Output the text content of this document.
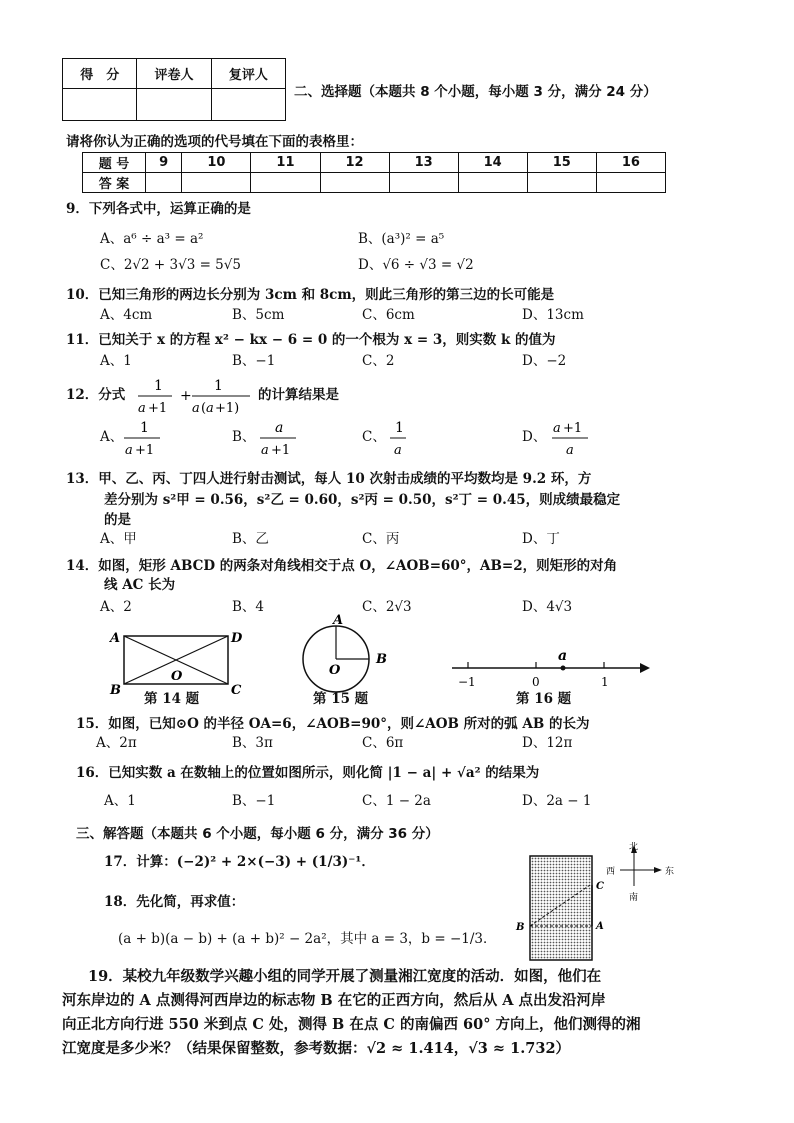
得　分	评卷人	复评人

二、选择题（本题共 8 个小题，每小题 3 分，满分 24 分）
请将你认为正确的选项的代号填在下面的表格里：
题 号	9	10	11	12	13	14	15	16
答 案								
9．下列各式中，运算正确的是
A、a⁶ ÷ a³ = a²	B、(a³)² = a⁵
C、2√2 + 3√3 = 5√5	D、√6 ÷ √3 = √2
10．已知三角形的两边长分别为 3cm 和 8cm，则此三角形的第三边的长可能是
A、4cm	B、5cm	C、6cm	D、13cm
11．已知关于 x 的方程 x² − kx − 6 = 0 的一个根为 x = 3，则实数 k 的值为
A、1	B、−1	C、2	D、−2
12．分式
1
a +1
+
1
a ( a +1)
的计算结果是
A、
1
a +1
B、
a
a +1
C、
1
a
D、
a +1
a
13．甲、乙、丙、丁四人进行射击测试，每人 10 次射击成绩的平均数均是 9.2 环，方
差分别为 s²甲 = 0.56，s²乙 = 0.60，s²丙 = 0.50，s²丁 = 0.45，则成绩最稳定
的是
A、甲	B、乙	C、丙	D、丁
14．如图，矩形 ABCD 的两条对角线相交于点 O，∠AOB=60°，AB=2，则矩形的对角
线 AC 长为
A、2	B、4	C、2√3	D、4√3
A	D
B	C
O
第 14 题
A
B
O
第 15 题
a
−1	0	1
第 16 题
15．如图，已知⊙O 的半径 OA=6，∠AOB=90°，则∠AOB 所对的弧 AB 的长为
A、2π	B、3π	C、6π	D、12π
16．已知实数 a 在数轴上的位置如图所示，则化简 |1 − a| + √a² 的结果为
A、1	B、−1	C、1 − 2a	D、2a − 1
三、解答题（本题共 6 个小题，每小题 6 分，满分 36 分）
17．计算：(−2)² + 2×(−3) + (1/3)⁻¹．
18．先化简，再求值：
(a + b)(a − b) + (a + b)² − 2a²，其中 a = 3，b = −1/3．
B
C
A
北
南
西	东
19．某校九年级数学兴趣小组的同学开展了测量湘江宽度的活动．如图，他们在
河东岸边的 A 点测得河西岸边的标志物 B 在它的正西方向，然后从 A 点出发沿河岸
向正北方向行进 550 米到点 C 处，测得 B 在点 C 的南偏西 60° 方向上，他们测得的湘
江宽度是多少米？（结果保留整数，参考数据：√2 ≈ 1.414，√3 ≈ 1.732）
